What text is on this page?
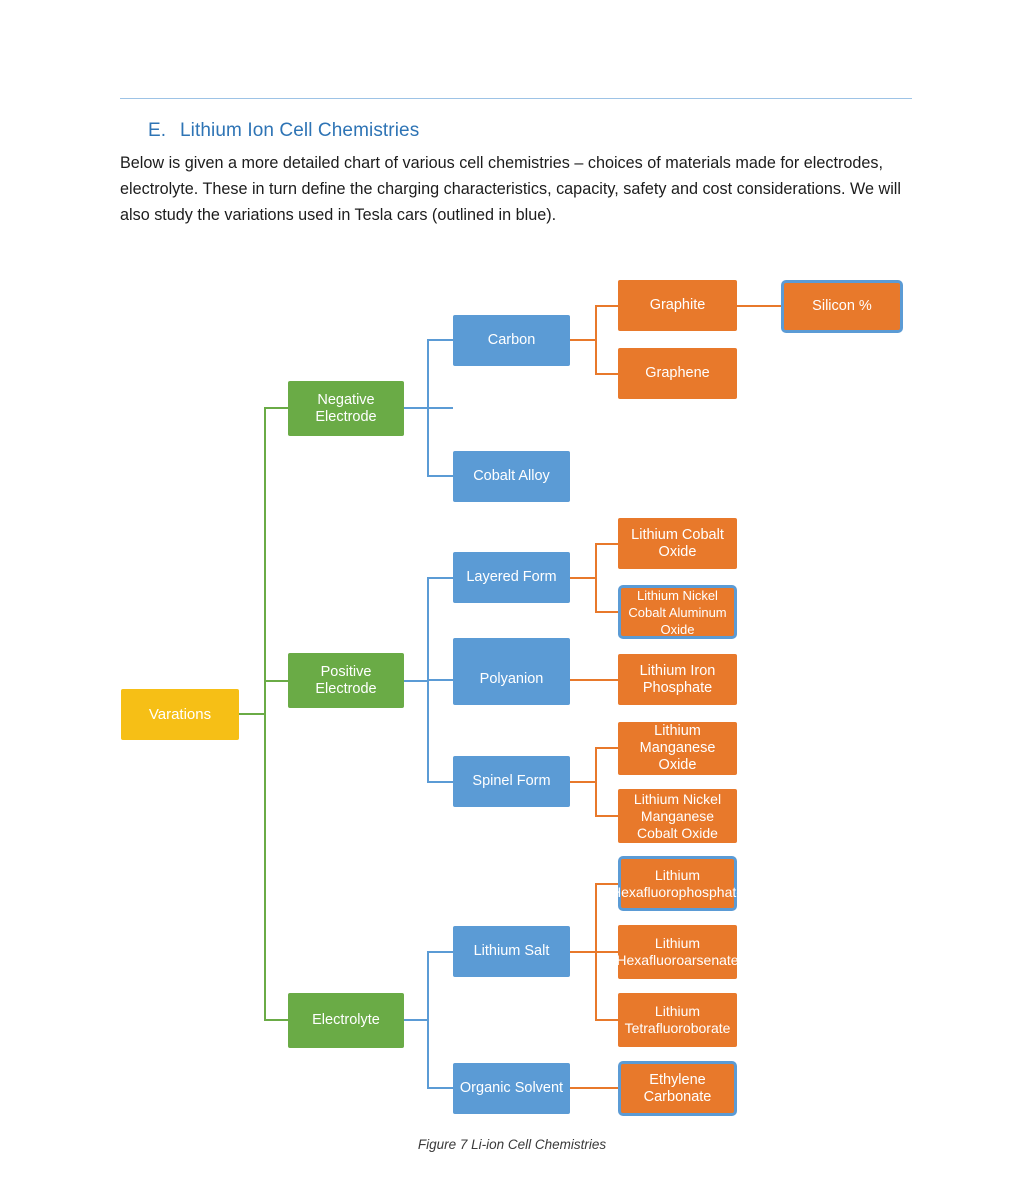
E. Lithium Ion Cell Chemistries
Below is given a more detailed chart of various cell chemistries – choices of materials made for electrodes, electrolyte. These in turn define the charging characteristics, capacity, safety and cost considerations. We will also study the variations used in Tesla cars (outlined in blue).
Varations
Negative Electrode
Positive Electrode
Electrolyte
Carbon
Cobalt Alloy
Graphite
Graphene
Silicon %
Layered Form
Polyanion
Spinel Form
Lithium Cobalt Oxide
Lithium Nickel Cobalt Aluminum Oxide
Lithium Iron Phosphate
Lithium Manganese Oxide
Lithium Nickel Manganese Cobalt Oxide
Lithium Salt
Organic Solvent
Lithium Hexafluorophosphate
Lithium Hexafluoroarsenate
Lithium Tetrafluoroborate
Ethylene Carbonate
Figure 7 Li-ion Cell Chemistries
